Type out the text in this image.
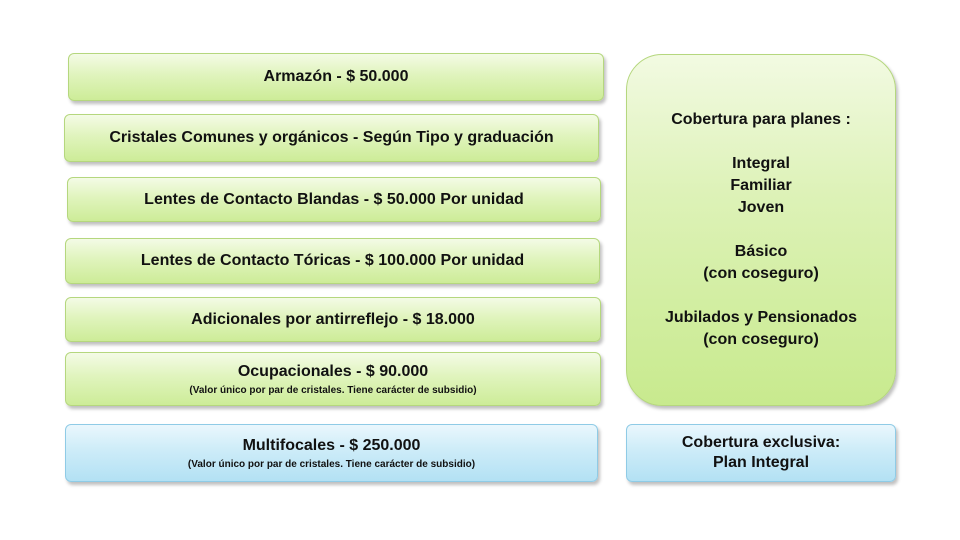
Armazón - $ 50.000
Cristales Comunes y orgánicos - Según Tipo y graduación
Lentes de Contacto Blandas - $ 50.000 Por unidad
Lentes de Contacto Tóricas - $ 100.000 Por unidad
Adicionales por antirreflejo - $ 18.000
Ocupacionales - $ 90.000
(Valor único por par de cristales. Tiene carácter de subsidio)
Multifocales - $ 250.000
(Valor único por par de cristales. Tiene carácter de subsidio)
Cobertura para planes :
Integral
Familiar
Joven
Básico
(con coseguro)
Jubilados y Pensionados
(con coseguro)
Cobertura exclusiva:
Plan Integral
